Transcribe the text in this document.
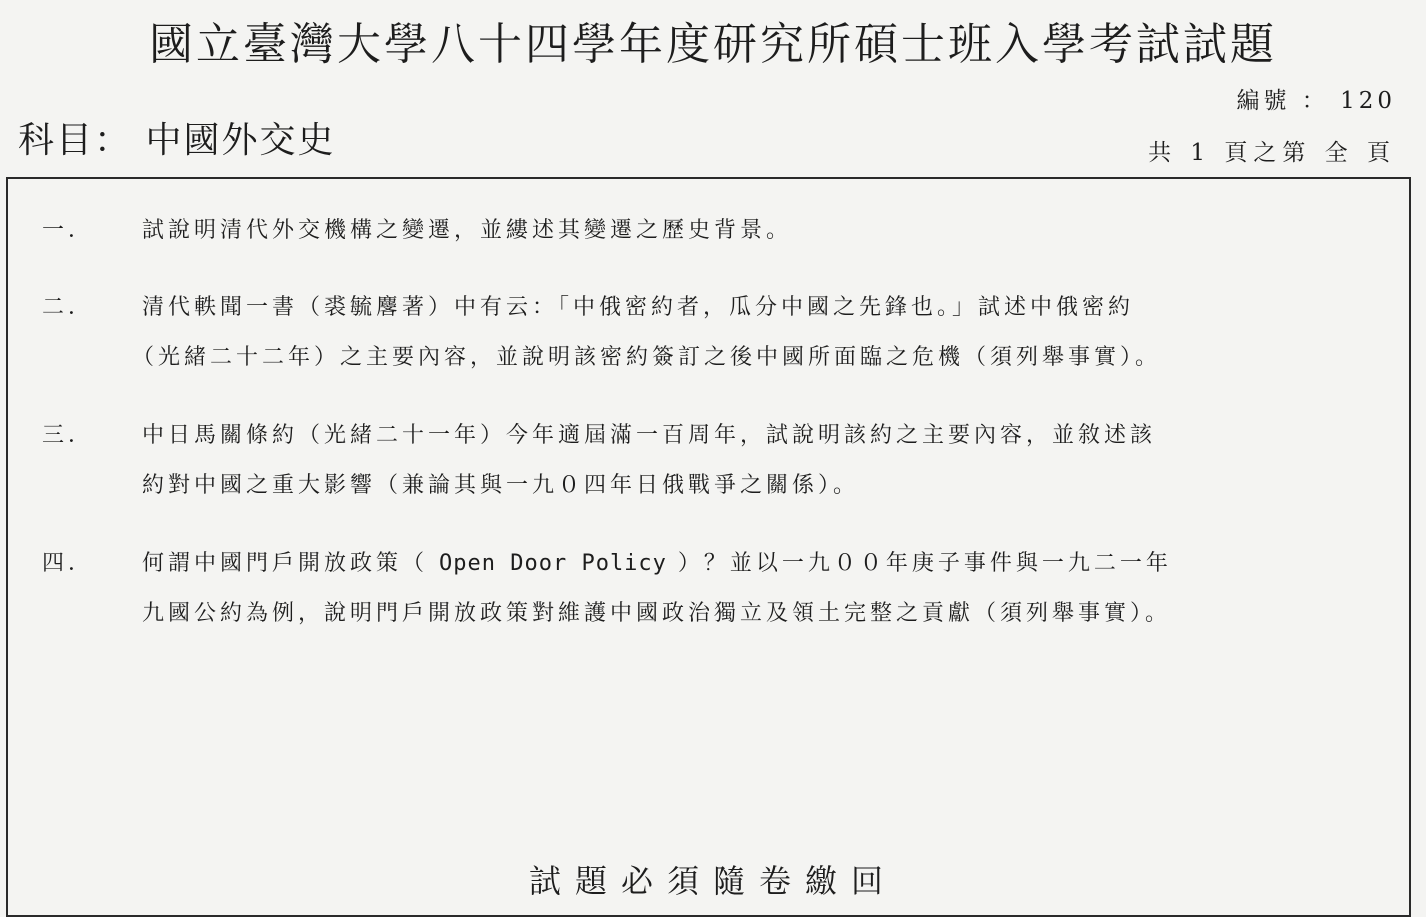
國立臺灣大學八十四學年度研究所碩士班入學考試試題
編號 ： 120
科目： 中國外交史	共 1 頁之第 全 頁
一． 試說明清代外交機構之變遷，並縷述其變遷之歷史背景。
二． 清代軼聞一書（裘毓麐著）中有云：「中俄密約者，瓜分中國之先鋒也。」試述中俄密約
（光緒二十二年）之主要內容，並說明該密約簽訂之後中國所面臨之危機（須列舉事實）。
三． 中日馬關條約（光緒二十一年）今年適屆滿一百周年，試說明該約之主要內容，並敘述該
約對中國之重大影響（兼論其與一九０四年日俄戰爭之關係）。
四． 何謂中國門戶開放政策（ Open Door Policy ）？並以一九００年庚子事件與一九二一年
九國公約為例，說明門戶開放政策對維護中國政治獨立及領土完整之貢獻（須列舉事實）。
試題必須隨卷繳回
